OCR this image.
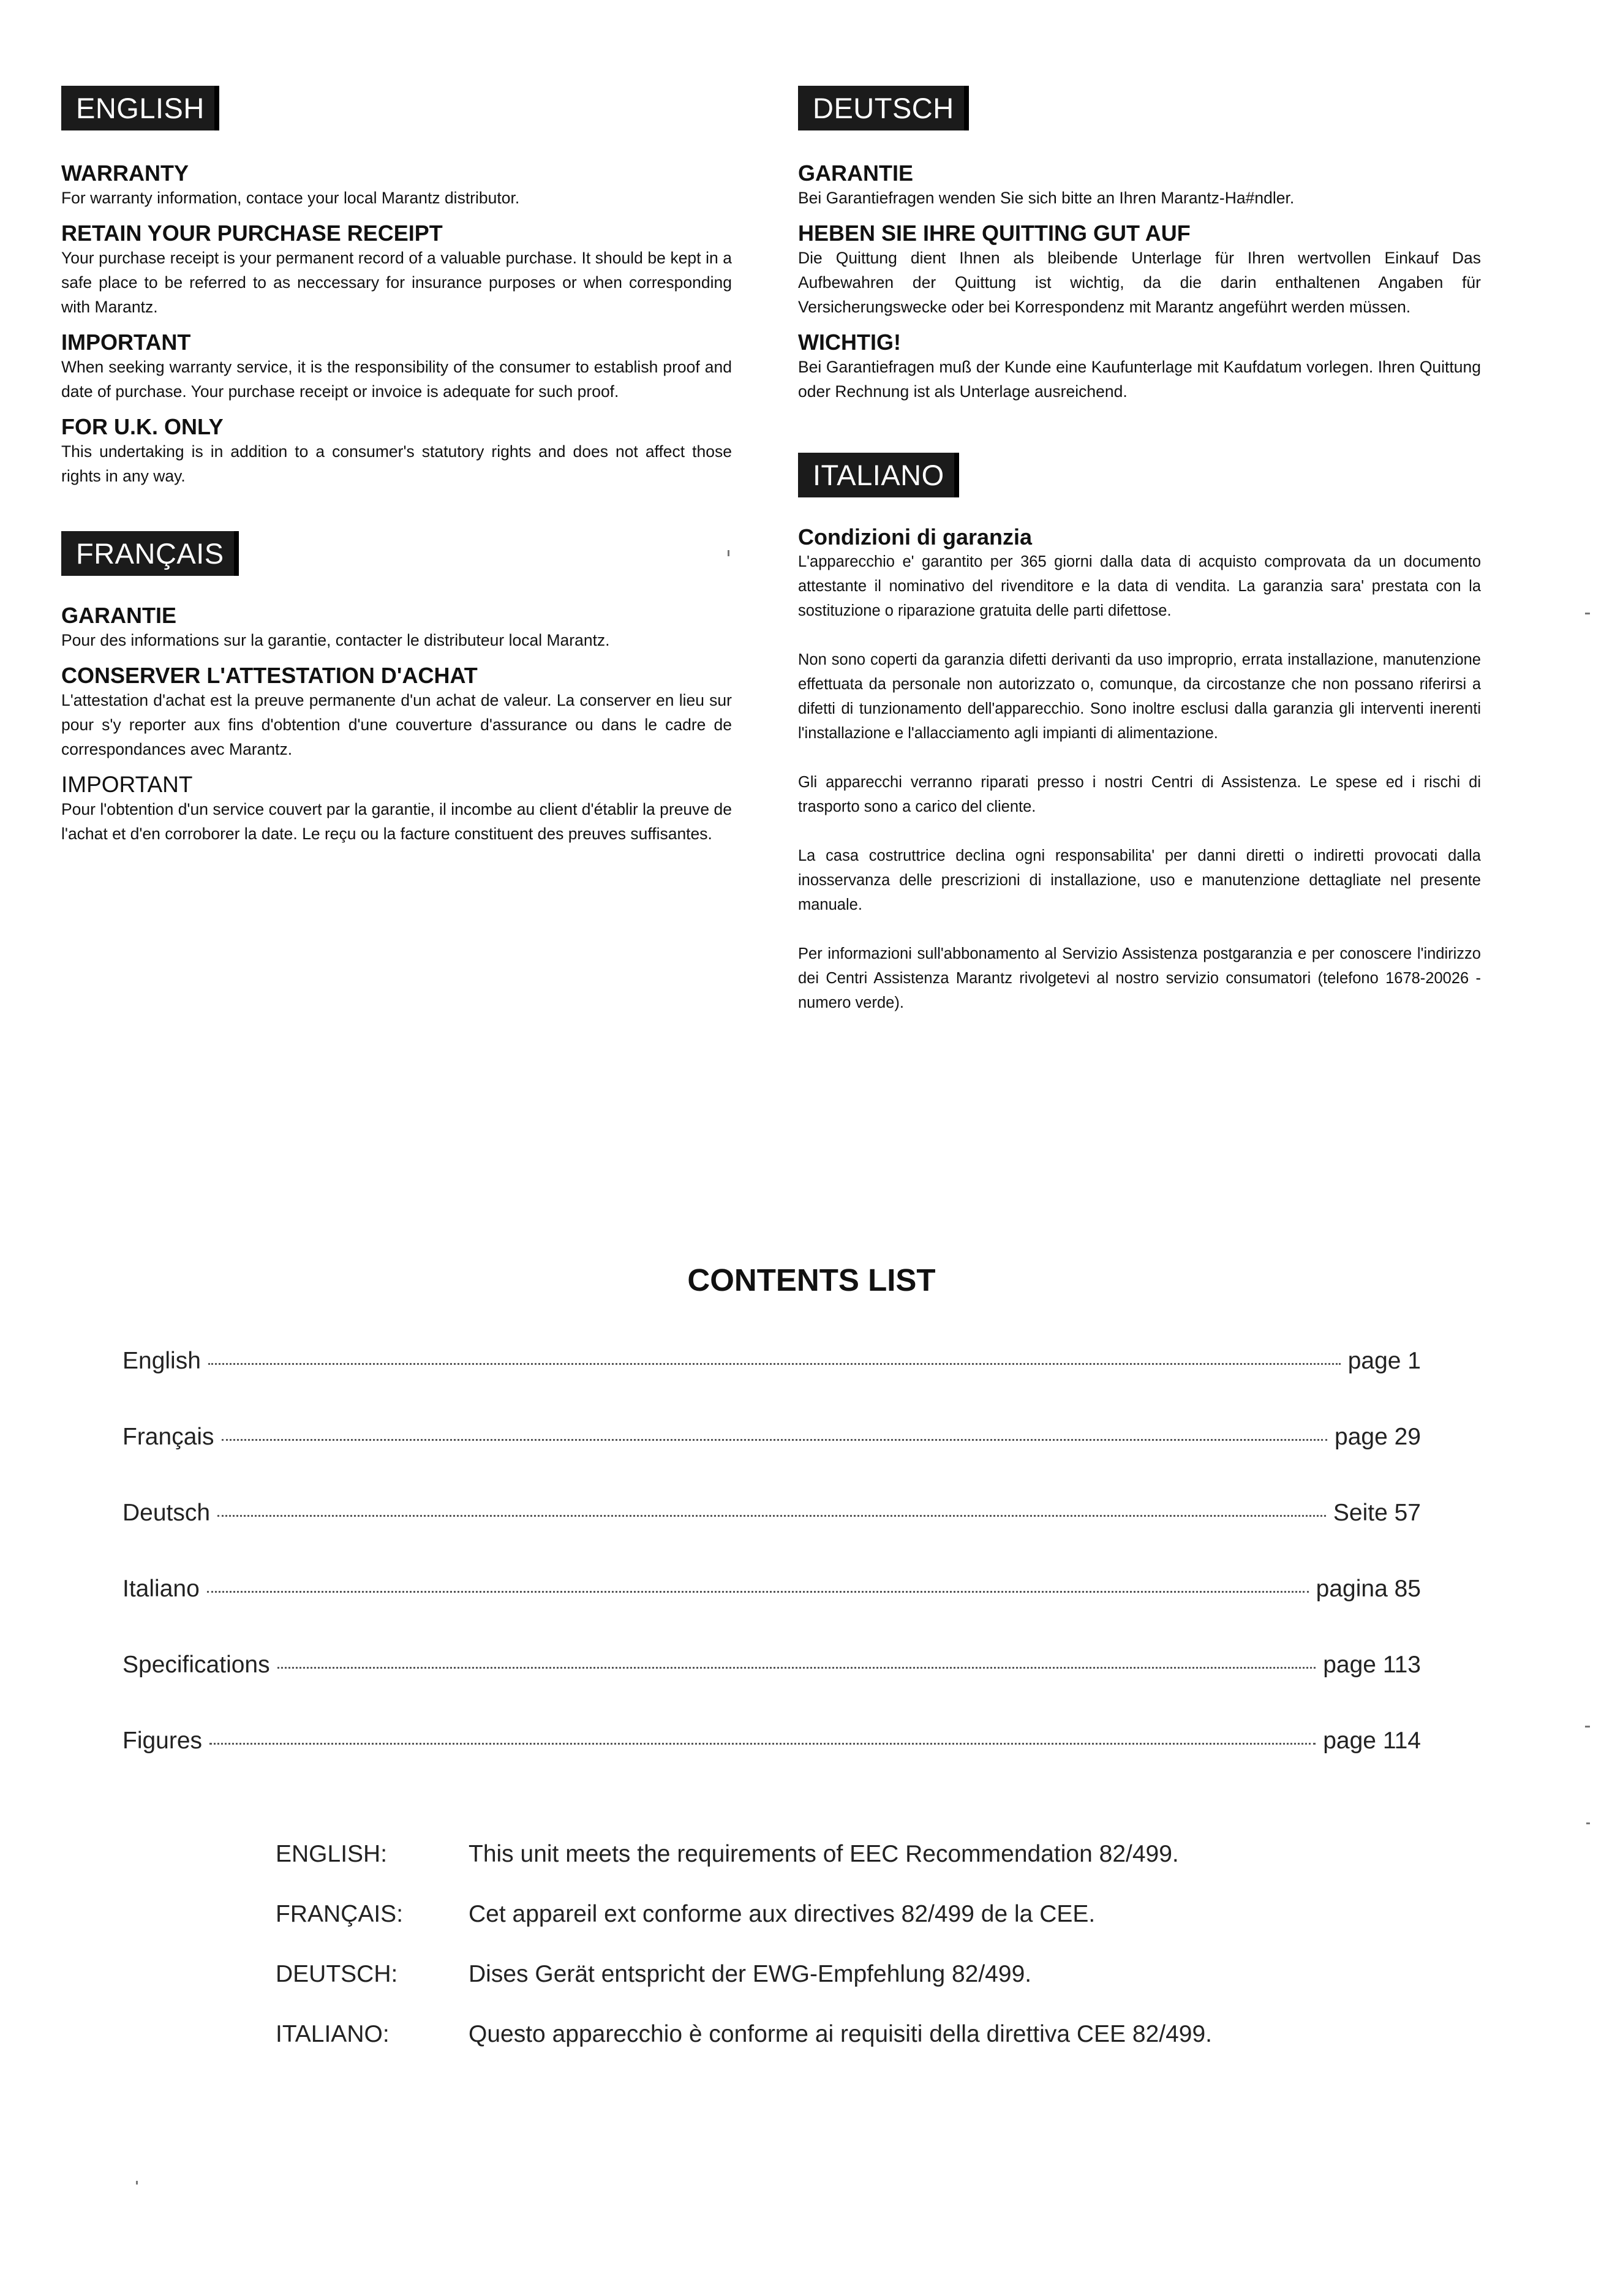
ENGLISH
WARRANTY

For warranty information, contace your local Marantz distributor.

RETAIN YOUR PURCHASE RECEIPT

Your purchase receipt is your permanent record of a valuable purchase. It should be kept in a safe place to be referred to as neccessary for insurance purposes or when corresponding with Marantz.

IMPORTANT

When seeking warranty service, it is the responsibility of the consumer to establish proof and date of purchase. Your purchase receipt or invoice is adequate for such proof.

FOR U.K. ONLY

This undertaking is in addition to a consumer's statutory rights and does not affect those rights in any way.

FRANÇAIS
GARANTIE

Pour des informations sur la garantie, contacter le distributeur local Marantz.

CONSERVER L'ATTESTATION D'ACHAT

L'attestation d'achat est la preuve permanente d'un achat de valeur. La conserver en lieu sur pour s'y reporter aux fins d'obtention d'une couverture d'assurance ou dans le cadre de correspondances avec Marantz.

IMPORTANT

Pour l'obtention d'un service couvert par la garantie, il incombe au client d'établir la preuve de l'achat et d'en corroborer la date. Le reçu ou la facture constituent des preuves suffisantes.

DEUTSCH
GARANTIE

Bei Garantiefragen wenden Sie sich bitte an Ihren Marantz-Ha#ndler.

HEBEN SIE IHRE QUITTING GUT AUF

Die Quittung dient Ihnen als bleibende Unterlage für Ihren wertvollen Einkauf Das Aufbewahren der Quittung ist wichtig, da die darin enthaltenen Angaben für Versicherungswecke oder bei Korrespondenz mit Marantz angeführt werden müssen.

WICHTIG!

Bei Garantiefragen muß der Kunde eine Kaufunterlage mit Kaufdatum vorlegen. Ihren Quittung oder Rechnung ist als Unterlage ausreichend.

ITALIANO
Condizioni di garanzia

L'apparecchio e' garantito per 365 giorni dalla data di acquisto comprovata da un documento attestante il nominativo del rivenditore e la data di vendita. La garanzia sara' prestata con la sostituzione o riparazione gratuita delle parti difettose.

Non sono coperti da garanzia difetti derivanti da uso improprio, errata installazione, manutenzione effettuata da personale non autorizzato o, comunque, da circostanze che non possano riferirsi a difetti di tunzionamento dell'apparecchio. Sono inoltre esclusi dalla garanzia gli interventi inerenti l'installazione e l'allacciamento agli impianti di alimentazione.

Gli apparecchi verranno riparati presso i nostri Centri di Assistenza. Le spese ed i rischi di trasporto sono a carico del cliente.

La casa costruttrice declina ogni responsabilita' per danni diretti o indiretti provocati dalla inosservanza delle prescrizioni di installazione, uso e manutenzione dettagliate nel presente manuale.

Per informazioni sull'abbonamento al Servizio Assistenza postgaranzia e per conoscere l'indirizzo dei Centri Assistenza Marantz rivolgetevi al nostro servizio consumatori (telefono 1678-20026 - numero verde).

CONTENTS LIST
English	page 1
Français	page 29
Deutsch	Seite 57
Italiano	pagina 85
Specifications	page 113
Figures	page 114
ENGLISH:	This unit meets the requirements of EEC Recommendation 82/499.
FRANÇAIS:	Cet appareil ext conforme aux directives 82/499 de la CEE.
DEUTSCH:	Dises Gerät entspricht der EWG-Empfehlung 82/499.
ITALIANO:	Questo apparecchio è conforme ai requisiti della direttiva CEE 82/499.
